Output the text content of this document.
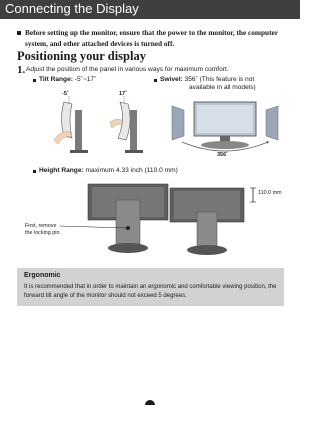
Connecting the Display
Before setting up the monitor, ensure that the power to the monitor, the computer system, and other attached devices is turned off.
Positioning your display
1. Adjust the position of the panel in various ways for maximum comfort.
Tilt Range: -5˚~17˚	Swivel: 356˚ (This feature is not
available in all models)
-5˚	17˚
356˚
Height Range: maximum 4.33 inch (110.0 mm)
110.0 mm
First, remove
the locking pin.
Ergonomic
It is recommended that in order to maintain an ergonomic and comfortable viewing position, the forward tilt angle of the monitor should not exceed 5 degrees.
